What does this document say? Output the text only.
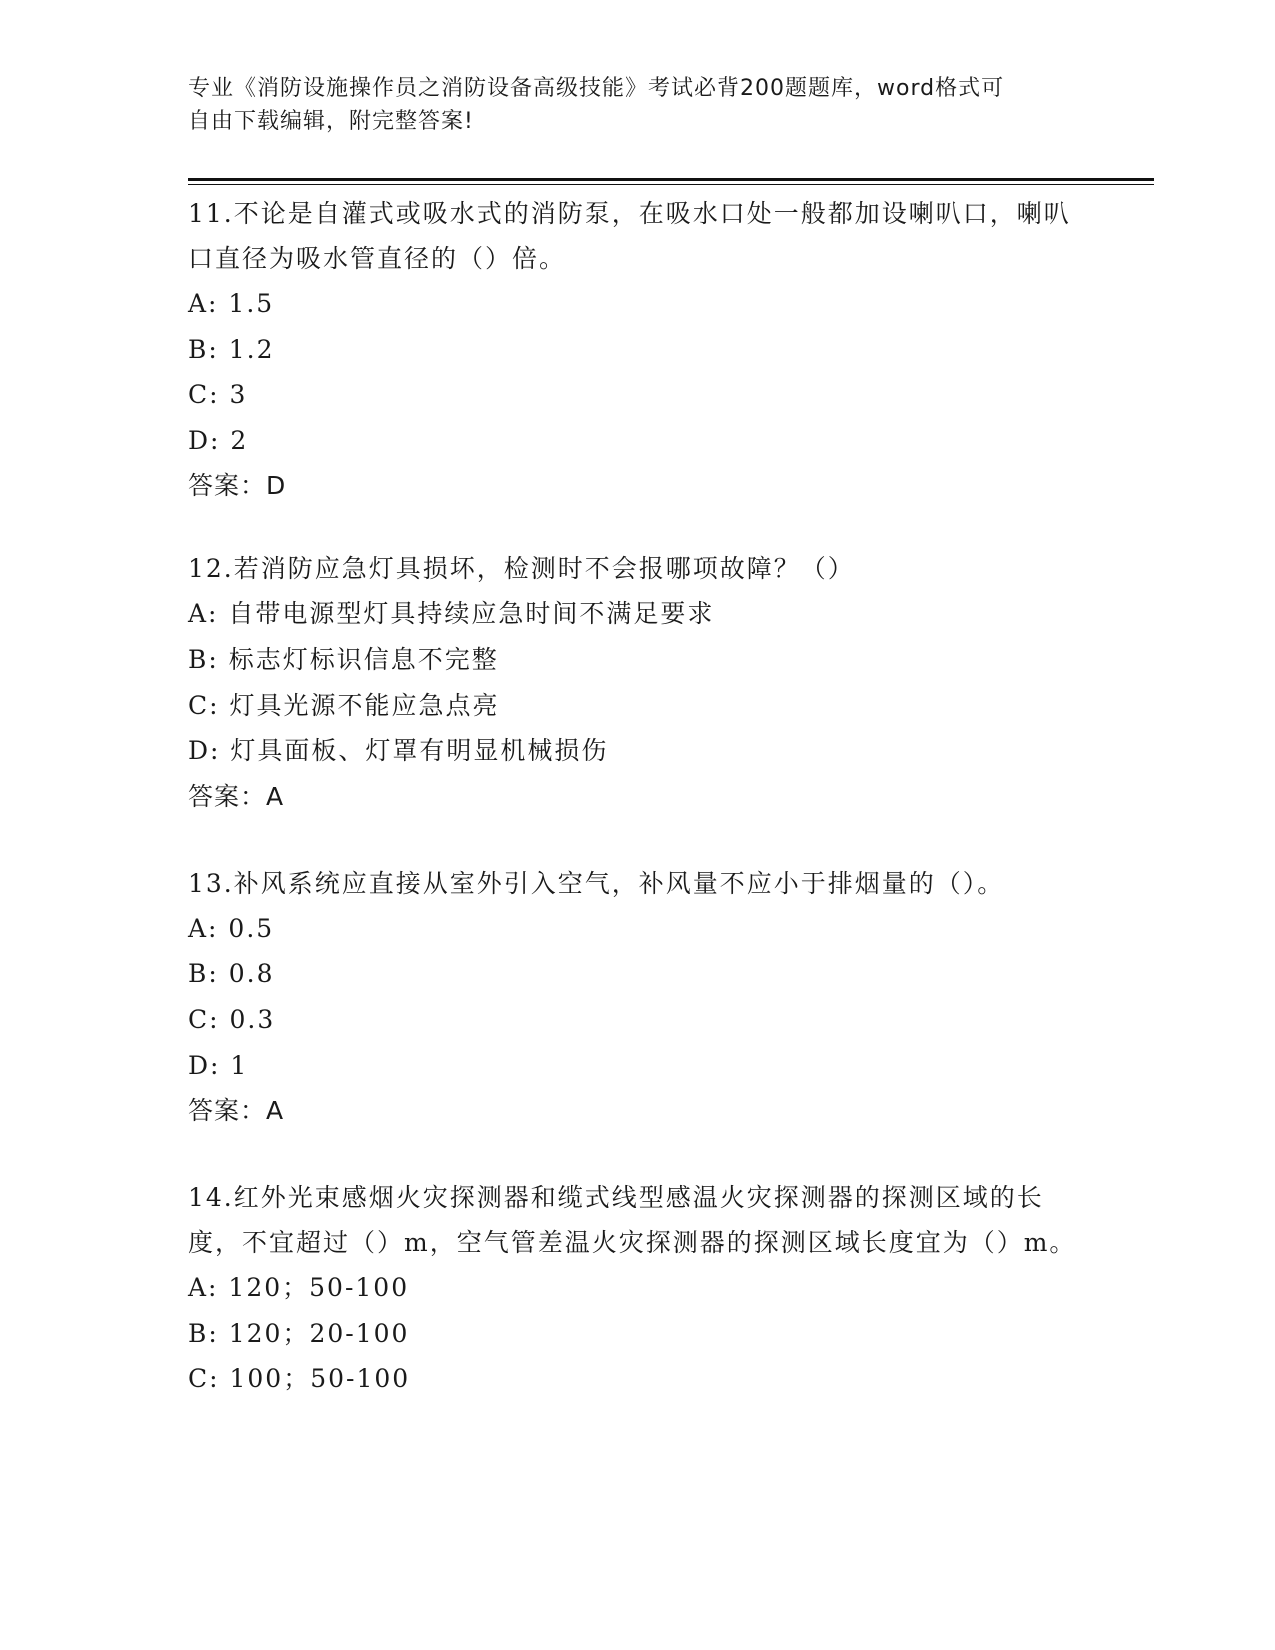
专业《消防设施操作员之消防设备高级技能》考试必背200题题库，word格式可
自由下载编辑，附完整答案!
11.不论是自灌式或吸水式的消防泵，在吸水口处一般都加设喇叭口，喇叭口直径为吸水管直径的（）倍。
A: 1.5
B: 1.2
C: 3
D: 2
答案：D
12.若消防应急灯具损坏，检测时不会报哪项故障？（）
A: 自带电源型灯具持续应急时间不满足要求
B: 标志灯标识信息不完整
C: 灯具光源不能应急点亮
D: 灯具面板、灯罩有明显机械损伤
答案：A
13.补风系统应直接从室外引入空气，补风量不应小于排烟量的（）。
A: 0.5
B: 0.8
C: 0.3
D: 1
答案：A
14.红外光束感烟火灾探测器和缆式线型感温火灾探测器的探测区域的长度，不宜超过（）m，空气管差温火灾探测器的探测区域长度宜为（）m。
A: 120；50-100
B: 120；20-100
C: 100；50-100
